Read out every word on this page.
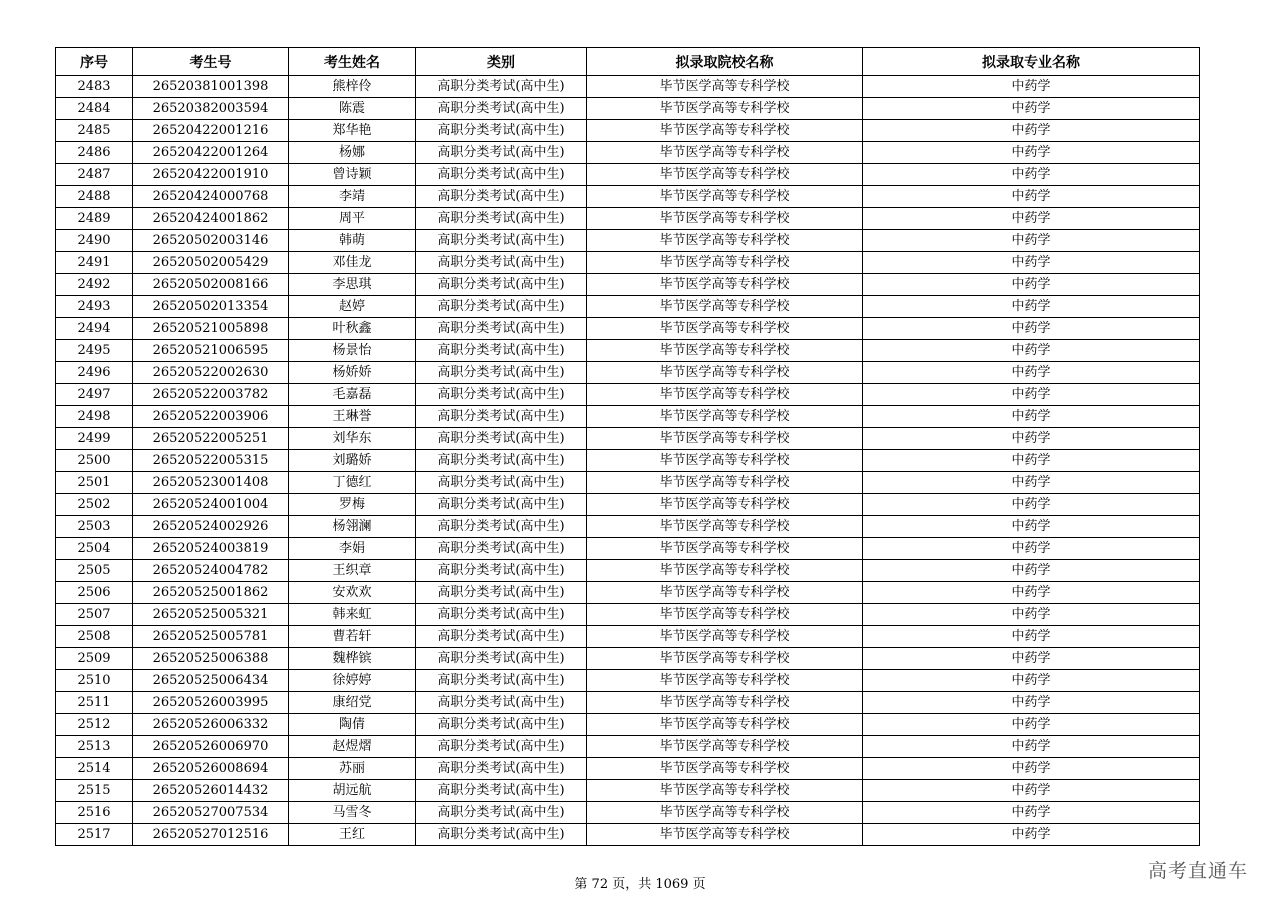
序号	考生号	考生姓名	类别	拟录取院校名称	拟录取专业名称
2483	26520381001398	熊梓伶	高职分类考试(高中生)	毕节医学高等专科学校	中药学
2484	26520382003594	陈震	高职分类考试(高中生)	毕节医学高等专科学校	中药学
2485	26520422001216	郑华艳	高职分类考试(高中生)	毕节医学高等专科学校	中药学
2486	26520422001264	杨娜	高职分类考试(高中生)	毕节医学高等专科学校	中药学
2487	26520422001910	曾诗颖	高职分类考试(高中生)	毕节医学高等专科学校	中药学
2488	26520424000768	李靖	高职分类考试(高中生)	毕节医学高等专科学校	中药学
2489	26520424001862	周平	高职分类考试(高中生)	毕节医学高等专科学校	中药学
2490	26520502003146	韩萌	高职分类考试(高中生)	毕节医学高等专科学校	中药学
2491	26520502005429	邓佳龙	高职分类考试(高中生)	毕节医学高等专科学校	中药学
2492	26520502008166	李思琪	高职分类考试(高中生)	毕节医学高等专科学校	中药学
2493	26520502013354	赵婷	高职分类考试(高中生)	毕节医学高等专科学校	中药学
2494	26520521005898	叶秋鑫	高职分类考试(高中生)	毕节医学高等专科学校	中药学
2495	26520521006595	杨景怡	高职分类考试(高中生)	毕节医学高等专科学校	中药学
2496	26520522002630	杨娇娇	高职分类考试(高中生)	毕节医学高等专科学校	中药学
2497	26520522003782	毛嘉磊	高职分类考试(高中生)	毕节医学高等专科学校	中药学
2498	26520522003906	王琳誉	高职分类考试(高中生)	毕节医学高等专科学校	中药学
2499	26520522005251	刘华东	高职分类考试(高中生)	毕节医学高等专科学校	中药学
2500	26520522005315	刘璐娇	高职分类考试(高中生)	毕节医学高等专科学校	中药学
2501	26520523001408	丁德红	高职分类考试(高中生)	毕节医学高等专科学校	中药学
2502	26520524001004	罗梅	高职分类考试(高中生)	毕节医学高等专科学校	中药学
2503	26520524002926	杨翎澜	高职分类考试(高中生)	毕节医学高等专科学校	中药学
2504	26520524003819	李娟	高职分类考试(高中生)	毕节医学高等专科学校	中药学
2505	26520524004782	王织章	高职分类考试(高中生)	毕节医学高等专科学校	中药学
2506	26520525001862	安欢欢	高职分类考试(高中生)	毕节医学高等专科学校	中药学
2507	26520525005321	韩来虹	高职分类考试(高中生)	毕节医学高等专科学校	中药学
2508	26520525005781	曹若轩	高职分类考试(高中生)	毕节医学高等专科学校	中药学
2509	26520525006388	魏桦镔	高职分类考试(高中生)	毕节医学高等专科学校	中药学
2510	26520525006434	徐婷婷	高职分类考试(高中生)	毕节医学高等专科学校	中药学
2511	26520526003995	康绍党	高职分类考试(高中生)	毕节医学高等专科学校	中药学
2512	26520526006332	陶倩	高职分类考试(高中生)	毕节医学高等专科学校	中药学
2513	26520526006970	赵煜熠	高职分类考试(高中生)	毕节医学高等专科学校	中药学
2514	26520526008694	苏丽	高职分类考试(高中生)	毕节医学高等专科学校	中药学
2515	26520526014432	胡远航	高职分类考试(高中生)	毕节医学高等专科学校	中药学
2516	26520527007534	马雪冬	高职分类考试(高中生)	毕节医学高等专科学校	中药学
2517	26520527012516	王红	高职分类考试(高中生)	毕节医学高等专科学校	中药学
第 72 页，共 1069 页
高考直通车
